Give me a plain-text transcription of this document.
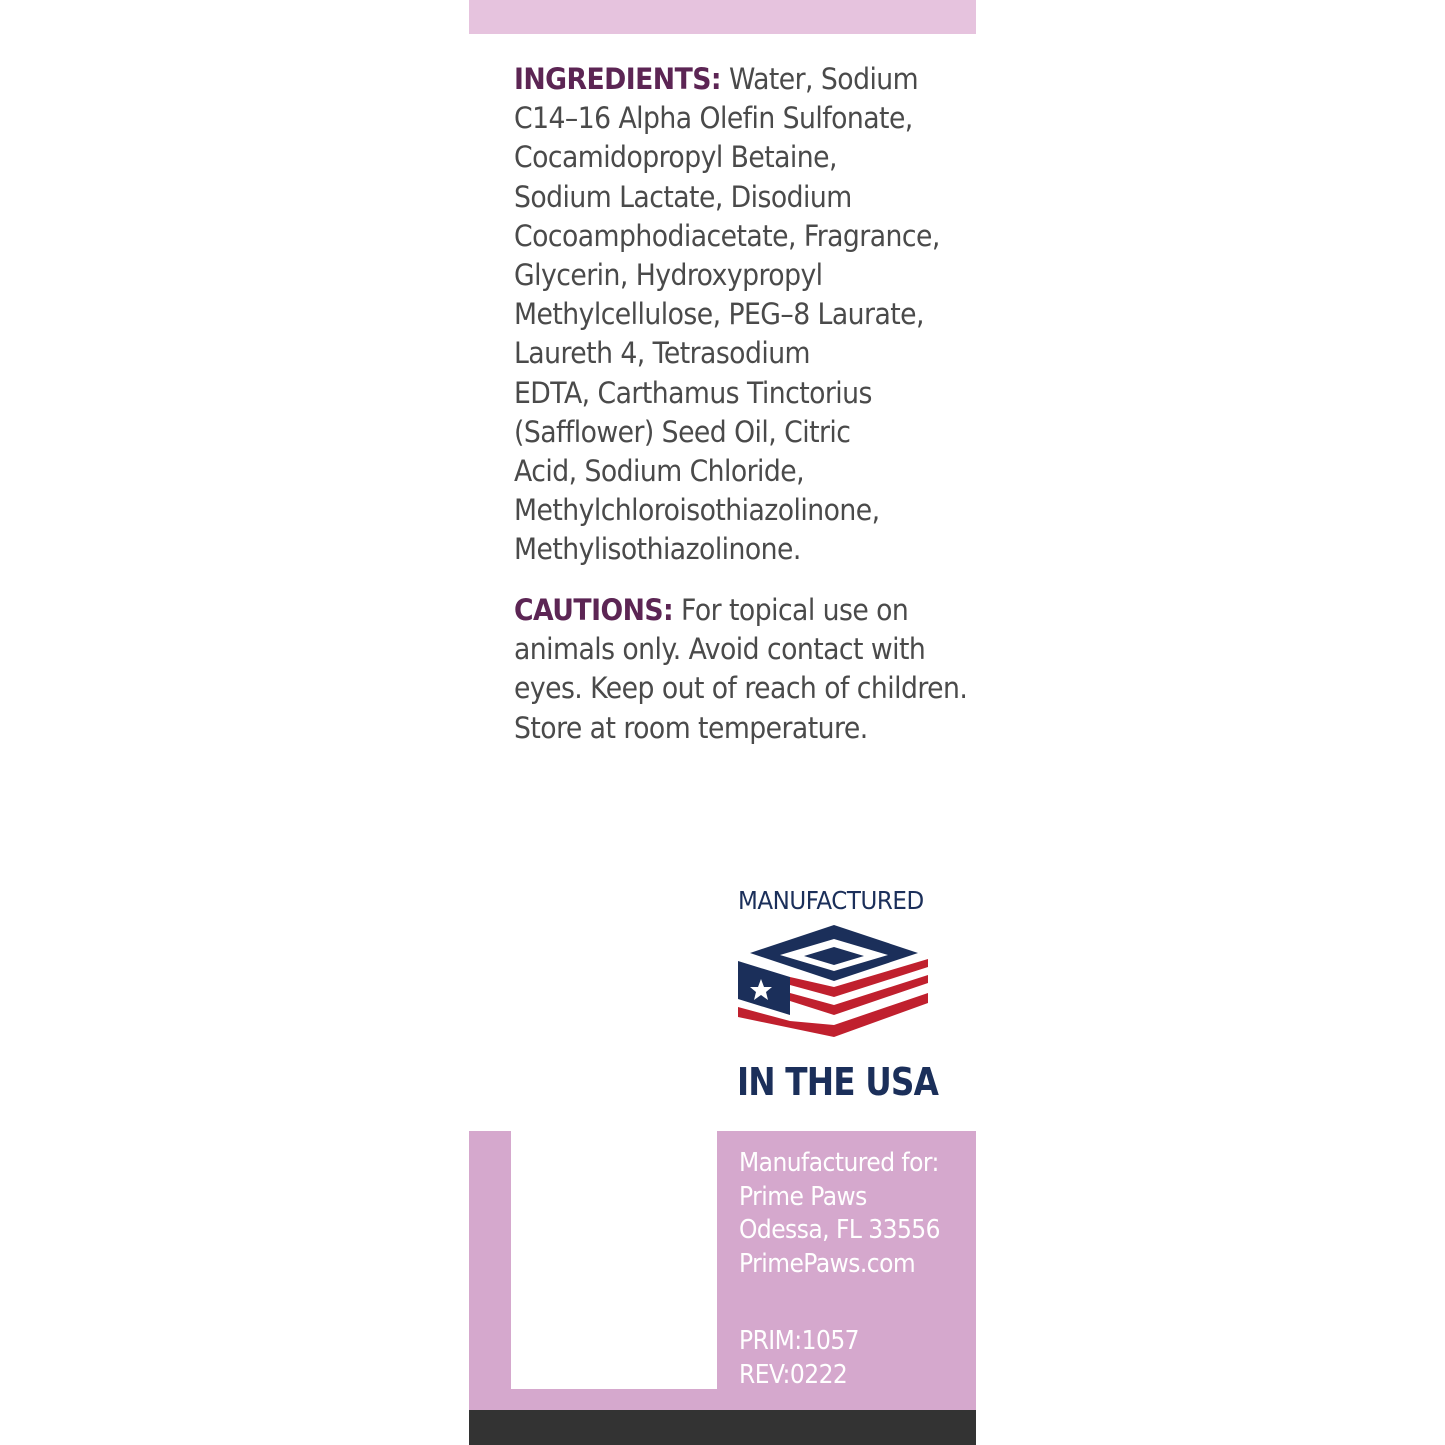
INGREDIENTS: Water, Sodium
C14–16 Alpha Olefin Sulfonate,
Cocamidopropyl Betaine,
Sodium Lactate, Disodium
Cocoamphodiacetate, Fragrance,
Glycerin, Hydroxypropyl
Methylcellulose, PEG–8 Laurate,
Laureth 4, Tetrasodium
EDTA, Carthamus Tinctorius
(Safflower) Seed Oil, Citric
Acid, Sodium Chloride,
Methylchloroisothiazolinone,
Methylisothiazolinone.
CAUTIONS: For topical use on
animals only. Avoid contact with
eyes. Keep out of reach of children.
Store at room temperature.
MANUFACTURED
IN THE USA
Manufactured for:
Prime Paws
Odessa, FL 33556
PrimePaws.com
PRIM:1057
REV:0222
